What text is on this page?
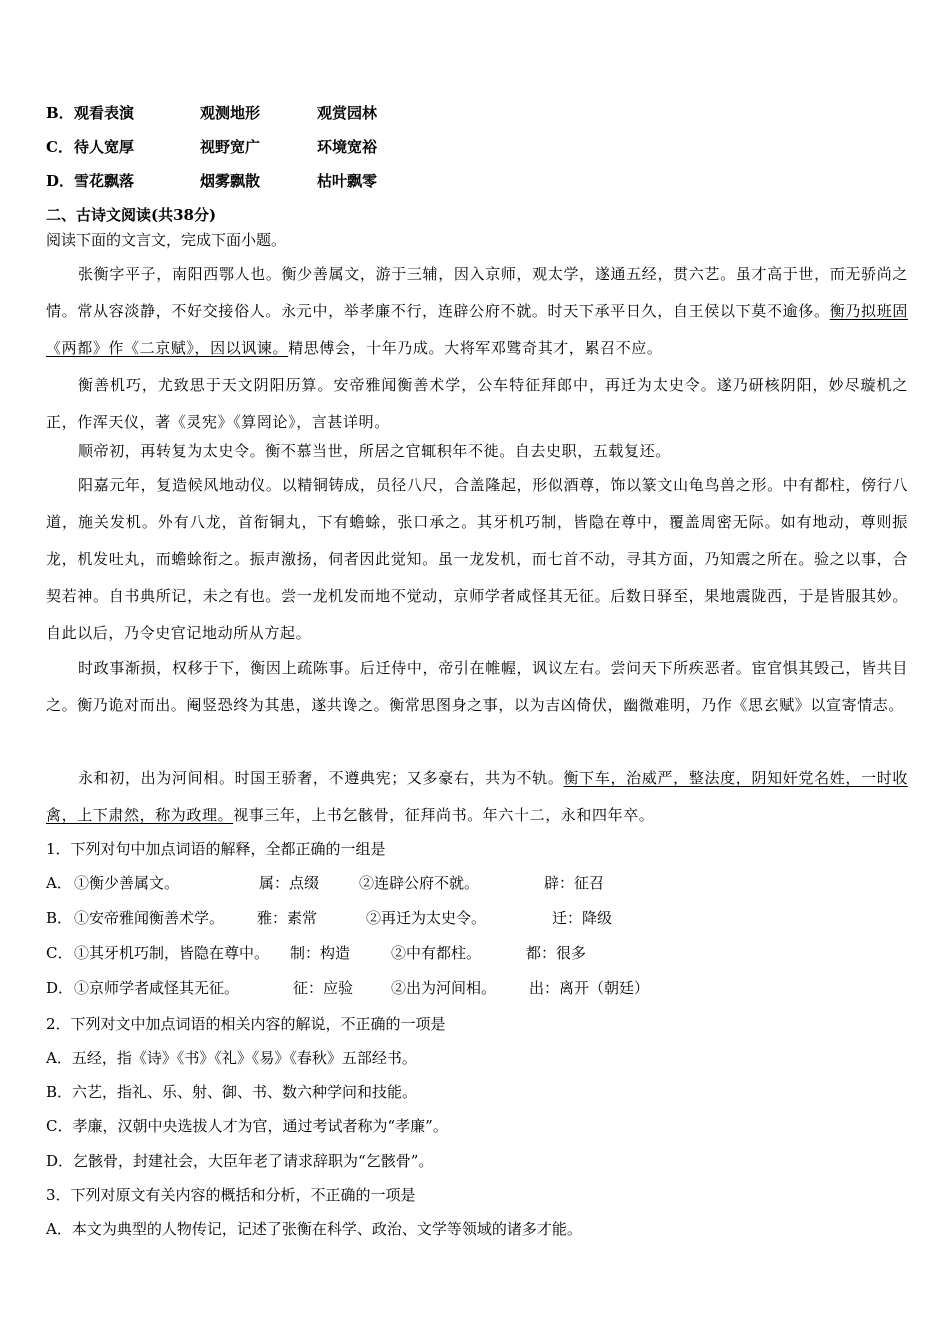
B． 观看表演	观测地形	观赏园林
C． 待人宽厚	视野宽广	环境宽裕
D． 雪花飘落	烟雾飘散	枯叶飘零
二、古诗文阅读(共38分)
阅读下面的文言文，完成下面小题。
张衡字平子，南阳西鄂人也。衡少善属文，游于三辅，因入京师，观太学，遂通五经，贯六艺。虽才高于世，而无骄尚之情。常从容淡静，不好交接俗人。永元中，举孝廉不行，连辟公府不就。时天下承平日久，自王侯以下莫不逾侈。衡乃拟班固《两都》作《二京赋》，因以讽谏。精思傅会，十年乃成。大将军邓骘奇其才，累召不应。
衡善机巧，尤致思于天文阴阳历算。安帝雅闻衡善术学，公车特征拜郎中，再迁为太史令。遂乃研核阴阳，妙尽璇机之正，作浑天仪，著《灵宪》《算罔论》，言甚详明。
顺帝初，再转复为太史令。衡不慕当世，所居之官辄积年不徙。自去史职，五载复还。
阳嘉元年，复造候风地动仪。以精铜铸成，员径八尺，合盖隆起，形似酒尊，饰以篆文山龟鸟兽之形。中有都柱，傍行八道，施关发机。外有八龙，首衔铜丸，下有蟾蜍，张口承之。其牙机巧制，皆隐在尊中，覆盖周密无际。如有地动，尊则振龙，机发吐丸，而蟾蜍衔之。振声激扬，伺者因此觉知。虽一龙发机，而七首不动，寻其方面，乃知震之所在。验之以事，合契若神。自书典所记，未之有也。尝一龙机发而地不觉动，京师学者咸怪其无征。后数日驿至，果地震陇西，于是皆服其妙。自此以后，乃令史官记地动所从方起。
时政事渐损，权移于下，衡因上疏陈事。后迁侍中，帝引在帷幄，讽议左右。尝问天下所疾恶者。宦官惧其毁己，皆共目之。衡乃诡对而出。阉竖恐终为其患，遂共谗之。衡常思图身之事，以为吉凶倚伏，幽微难明，乃作《思玄赋》以宣寄情志。
永和初，出为河间相。时国王骄奢，不遵典宪；又多豪右，共为不轨。衡下车，治威严，整法度，阴知奸党名姓，一时收禽，上下肃然，称为政理。视事三年，上书乞骸骨，征拜尚书。年六十二，永和四年卒。
1．下列对句中加点词语的解释，全都正确的一组是
A． ①衡少善属文。	属：点缀	②连辟公府不就。	辟：征召
B． ①安帝雅闻衡善术学。 雅：素常	②再迁为太史令。	迁：降级
C． ①其牙机巧制，皆隐在尊中。 制：构造	②中有都柱。	都：很多
D． ①京师学者咸怪其无征。	征：应验	②出为河间相。 出：离开（朝廷）
2．下列对文中加点词语的相关内容的解说，不正确的一项是
A．五经，指《诗》《书》《礼》《易》《春秋》五部经书。
B．六艺，指礼、乐、射、御、书、数六种学问和技能。
C．孝廉，汉朝中央选拔人才为官，通过考试者称为“孝廉”。
D．乞骸骨，封建社会，大臣年老了请求辞职为“乞骸骨”。
3．下列对原文有关内容的概括和分析，不正确的一项是
A．本文为典型的人物传记，记述了张衡在科学、政治、文学等领域的诸多才能。
